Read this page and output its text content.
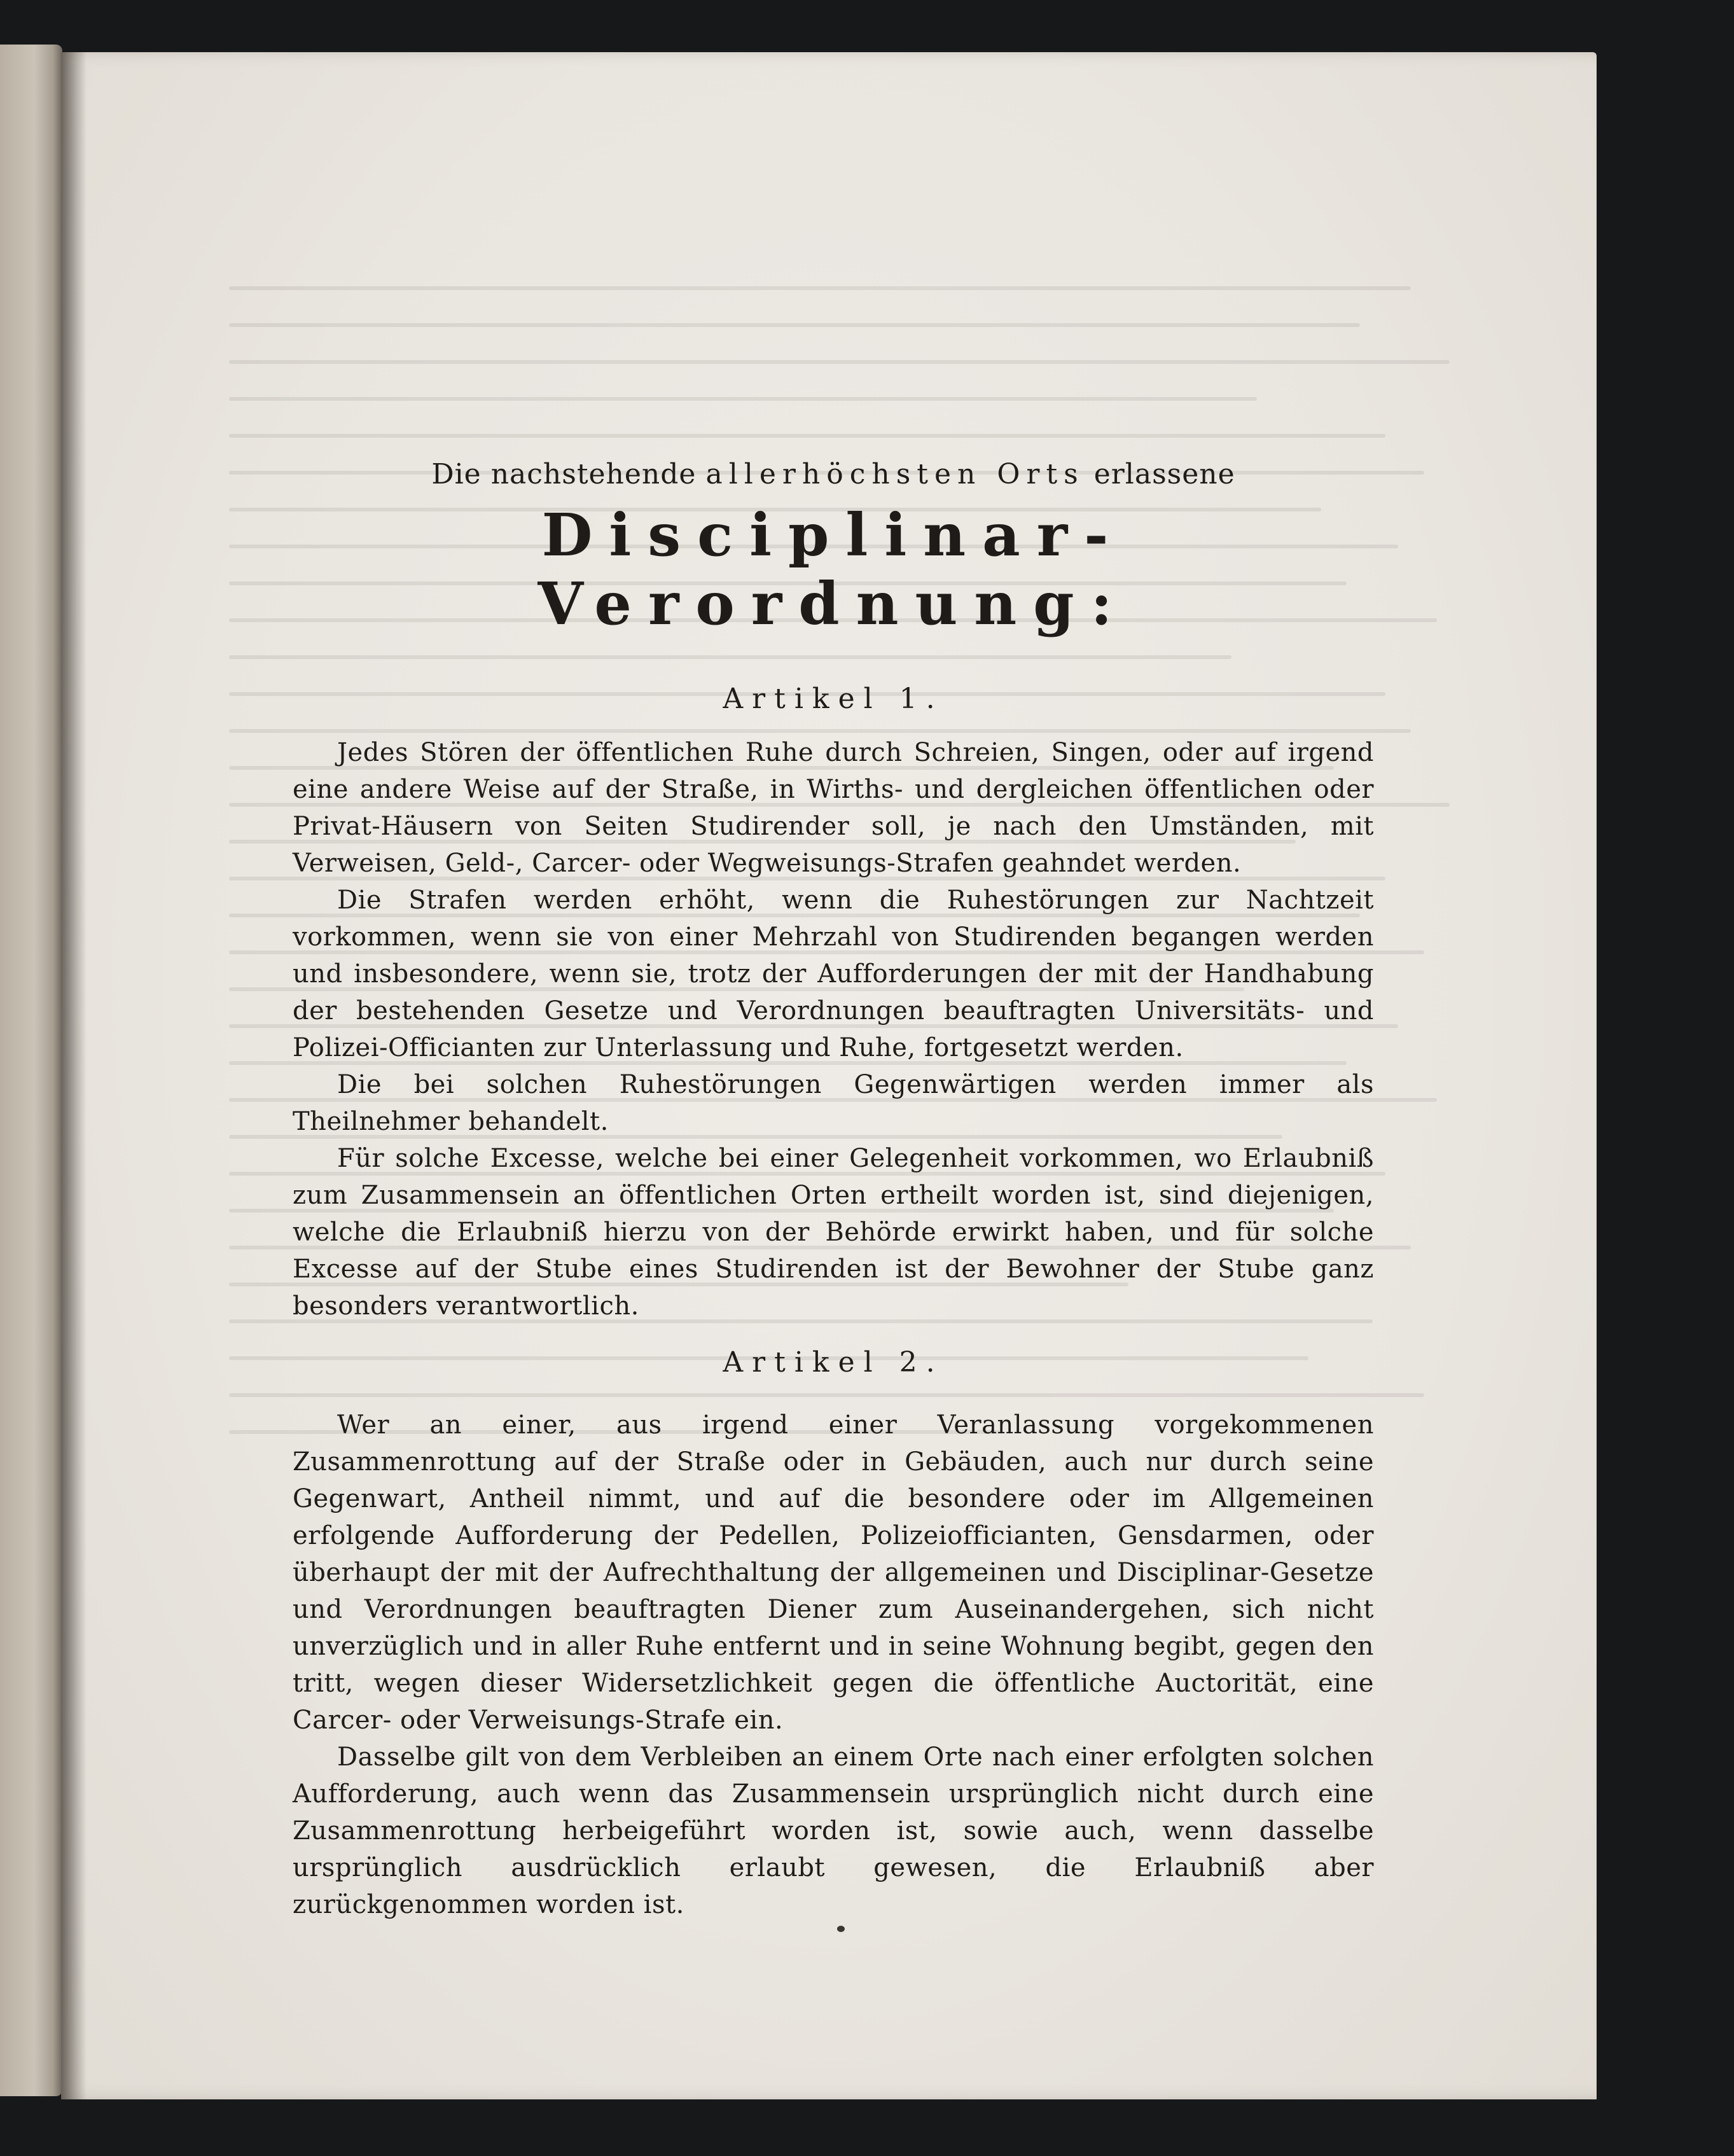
Die nachstehende allerhöchsten Orts erlassene
Disciplinar-Verordnung:
Artikel 1.

Jedes Stören der öffentlichen Ruhe durch Schreien, Singen, oder auf irgend eine andere Weise auf der Straße, in Wirths- und dergleichen öffentlichen oder Privat-Häusern von Seiten Studirender soll, je nach den Umständen, mit Verweisen, Geld-, Carcer- oder Wegweisungs-Strafen geahndet werden.

Die Strafen werden erhöht, wenn die Ruhestörungen zur Nachtzeit vorkommen, wenn sie von einer Mehrzahl von Studirenden begangen werden und insbesondere, wenn sie, trotz der Aufforderungen der mit der Handhabung der bestehenden Gesetze und Verordnungen beauftragten Universitäts- und Polizei-Officianten zur Unterlassung und Ruhe, fortgesetzt werden.

Die bei solchen Ruhestörungen Gegenwärtigen werden immer als Theilnehmer behandelt.

Für solche Excesse, welche bei einer Gelegenheit vorkommen, wo Erlaubniß zum Zusammensein an öffentlichen Orten ertheilt worden ist, sind diejenigen, welche die Erlaubniß hierzu von der Behörde erwirkt haben, und für solche Excesse auf der Stube eines Studirenden ist der Bewohner der Stube ganz besonders verantwortlich.

Artikel 2.

Wer an einer, aus irgend einer Veranlassung vorgekommenen Zusammenrottung auf der Straße oder in Gebäuden, auch nur durch seine Gegenwart, Antheil nimmt, und auf die besondere oder im Allgemeinen erfolgende Aufforderung der Pedellen, Polizeiofficianten, Gensdarmen, oder überhaupt der mit der Aufrechthaltung der allgemeinen und Disciplinar-Gesetze und Verordnungen beauftragten Diener zum Auseinandergehen, sich nicht unverzüglich und in aller Ruhe entfernt und in seine Wohnung begibt, gegen den tritt, wegen dieser Widersetzlichkeit gegen die öffentliche Auctorität, eine Carcer- oder Verweisungs-Strafe ein.

Dasselbe gilt von dem Verbleiben an einem Orte nach einer erfolgten solchen Aufforderung, auch wenn das Zusammensein ursprünglich nicht durch eine Zusammenrottung herbeigeführt worden ist, sowie auch, wenn dasselbe ursprünglich ausdrücklich erlaubt gewesen, die Erlaubniß aber zurückgenommen worden ist.
